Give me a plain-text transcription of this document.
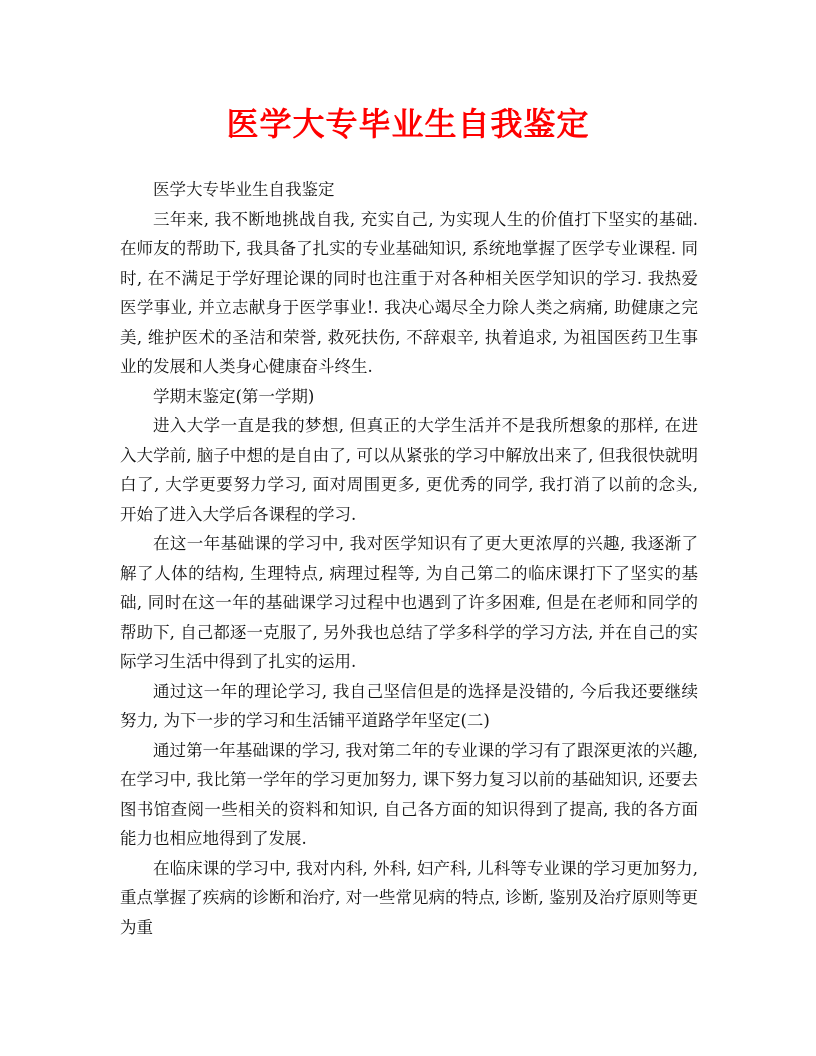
医学大专毕业生自我鉴定

医学大专毕业生自我鉴定

三年来, 我不断地挑战自我, 充实自己, 为实现人生的价值打下坚实的基础. 在师友的帮助下, 我具备了扎实的专业基础知识, 系统地掌握了医学专业课程. 同时, 在不满足于学好理论课的同时也注重于对各种相关医学知识的学习. 我热爱医学事业, 并立志献身于医学事业!. 我决心竭尽全力除人类之病痛, 助健康之完美, 维护医术的圣洁和荣誉, 救死扶伤, 不辞艰辛, 执着追求, 为祖国医药卫生事业的发展和人类身心健康奋斗终生.

学期末鉴定(第一学期)

进入大学一直是我的梦想, 但真正的大学生活并不是我所想象的那样, 在进入大学前, 脑子中想的是自由了, 可以从紧张的学习中解放出来了, 但我很快就明白了, 大学更要努力学习, 面对周围更多, 更优秀的同学, 我打消了以前的念头, 开始了进入大学后各课程的学习.

在这一年基础课的学习中, 我对医学知识有了更大更浓厚的兴趣, 我逐渐了解了人体的结构, 生理特点, 病理过程等, 为自己第二的临床课打下了坚实的基础, 同时在这一年的基础课学习过程中也遇到了许多困难, 但是在老师和同学的帮助下, 自己都逐一克服了, 另外我也总结了学多科学的学习方法, 并在自己的实际学习生活中得到了扎实的运用.

通过这一年的理论学习, 我自己坚信但是的选择是没错的, 今后我还要继续努力, 为下一步的学习和生活铺平道路学年坚定(二)

通过第一年基础课的学习, 我对第二年的专业课的学习有了跟深更浓的兴趣, 在学习中, 我比第一学年的学习更加努力, 课下努力复习以前的基础知识, 还要去图书馆查阅一些相关的资料和知识, 自己各方面的知识得到了提高, 我的各方面能力也相应地得到了发展.

在临床课的学习中, 我对内科, 外科, 妇产科, 儿科等专业课的学习更加努力, 重点掌握了疾病的诊断和治疗, 对一些常见病的特点, 诊断, 鉴别及治疗原则等更为重
